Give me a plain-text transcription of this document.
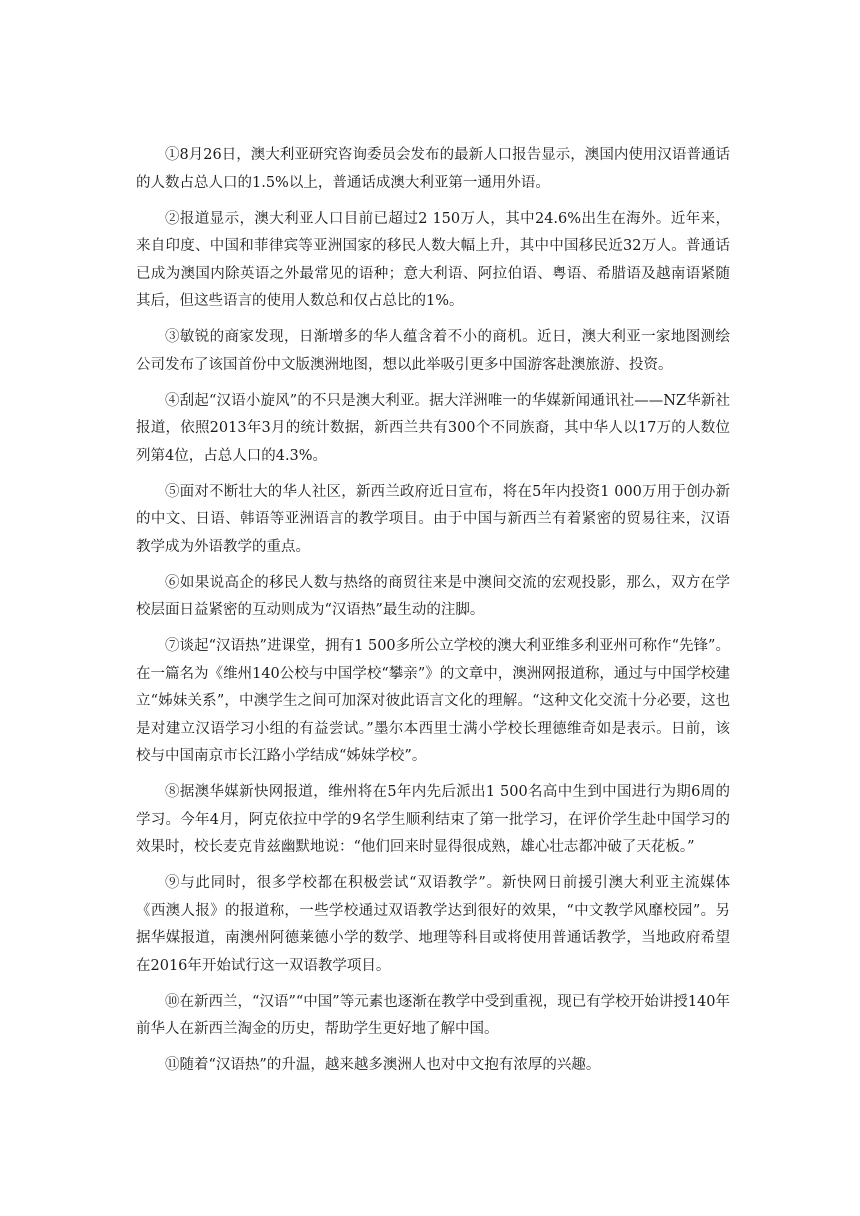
①8月26日，澳大利亚研究咨询委员会发布的最新人口报告显示，澳国内使用汉语普通话的人数占总人口的1.5%以上，普通话成澳大利亚第一通用外语。

②报道显示，澳大利亚人口目前已超过2 150万人，其中24.6%出生在海外。近年来，来自印度、中国和菲律宾等亚洲国家的移民人数大幅上升，其中中国移民近32万人。普通话已成为澳国内除英语之外最常见的语种；意大利语、阿拉伯语、粤语、希腊语及越南语紧随其后，但这些语言的使用人数总和仅占总比的1%。

③敏锐的商家发现，日渐增多的华人蕴含着不小的商机。近日，澳大利亚一家地图测绘公司发布了该国首份中文版澳洲地图，想以此举吸引更多中国游客赴澳旅游、投资。

④刮起“汉语小旋风”的不只是澳大利亚。据大洋洲唯一的华媒新闻通讯社——NZ华新社报道，依照2013年3月的统计数据，新西兰共有300个不同族裔，其中华人以17万的人数位列第4位，占总人口的4.3%。

⑤面对不断壮大的华人社区，新西兰政府近日宣布，将在5年内投资1 000万用于创办新的中文、日语、韩语等亚洲语言的教学项目。由于中国与新西兰有着紧密的贸易往来，汉语教学成为外语教学的重点。

⑥如果说高企的移民人数与热络的商贸往来是中澳间交流的宏观投影，那么，双方在学校层面日益紧密的互动则成为“汉语热”最生动的注脚。

⑦谈起“汉语热”进课堂，拥有1 500多所公立学校的澳大利亚维多利亚州可称作“先锋”。在一篇名为《维州140公校与中国学校“攀亲”》的文章中，澳洲网报道称，通过与中国学校建立“姊妹关系”，中澳学生之间可加深对彼此语言文化的理解。“这种文化交流十分必要，这也是对建立汉语学习小组的有益尝试。”墨尔本西里士满小学校长理德维奇如是表示。日前，该校与中国南京市长江路小学结成“姊妹学校”。

⑧据澳华媒新快网报道，维州将在5年内先后派出1 500名高中生到中国进行为期6周的学习。今年4月，阿克依拉中学的9名学生顺利结束了第一批学习，在评价学生赴中国学习的效果时，校长麦克肯兹幽默地说：“他们回来时显得很成熟，雄心壮志都冲破了天花板。”

⑨与此同时，很多学校都在积极尝试“双语教学”。新快网日前援引澳大利亚主流媒体《西澳人报》的报道称，一些学校通过双语教学达到很好的效果，“中文教学风靡校园”。另据华媒报道，南澳州阿德莱德小学的数学、地理等科目或将使用普通话教学，当地政府希望在2016年开始试行这一双语教学项目。

⑩在新西兰，“汉语”“中国”等元素也逐渐在教学中受到重视，现已有学校开始讲授140年前华人在新西兰淘金的历史，帮助学生更好地了解中国。

⑪随着“汉语热”的升温，越来越多澳洲人也对中文抱有浓厚的兴趣。
